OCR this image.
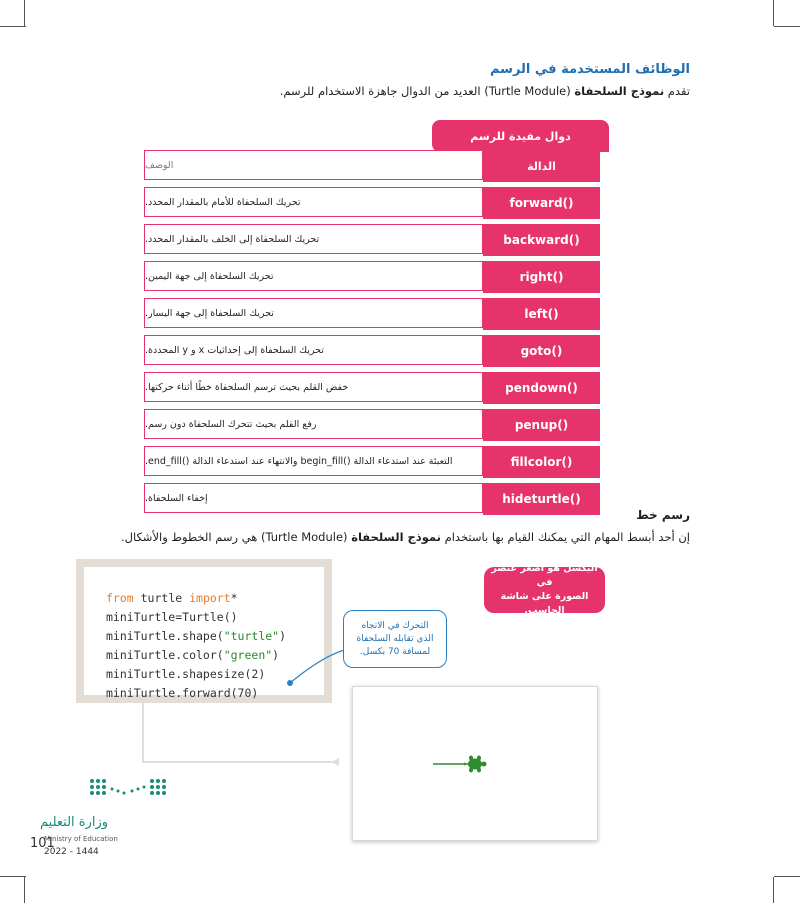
الوظائف المستخدمة في الرسم
تقدم نموذج السلحفاة (Turtle Module) العديد من الدوال جاهزة الاستخدام للرسم.
دوال مفيدة للرسم
الوصف	الدالة
تحريك السلحفاة للأمام بالمقدار المحدد.	forward()
تحريك السلحفاة إلى الخلف بالمقدار المحدد.	backward()
تحريك السلحفاة إلى جهة اليمين.	right()
تحريك السلحفاة إلى جهة اليسار.	left()
تحريك السلحفاة إلى إحداثيات x و y المحددة.	goto()
خفض القلم بحيث ترسم السلحفاة خطًا أثناء حركتها.	pendown()
رفع القلم بحيث تتحرك السلحفاة دون رسم.	penup()
التعبئة عند استدعاء الدالة ()begin_fill والانتهاء عند استدعاء الدالة ()end_fill.	fillcolor()
إخفاء السلحفاة.	hideturtle()
رسم خط
إن أحد أبسط المهام التي يمكنك القيام بها باستخدام نموذج السلحفاة (Turtle Module) هي رسم الخطوط والأشكال.
from turtle import*
miniTurtle=Turtle()
miniTurtle.shape("turtle")
miniTurtle.color("green")
miniTurtle.shapesize(2)
miniTurtle.forward(70)
البكسل هو أصغر عنصر في
الصورة على شاشة الحاسب.
التحرك في الاتجاه
الذي تقابله السلحفاة
لمسافة 70 بكسل.
وزارة التعليم
Ministry of Education
101
2022 - 1444
